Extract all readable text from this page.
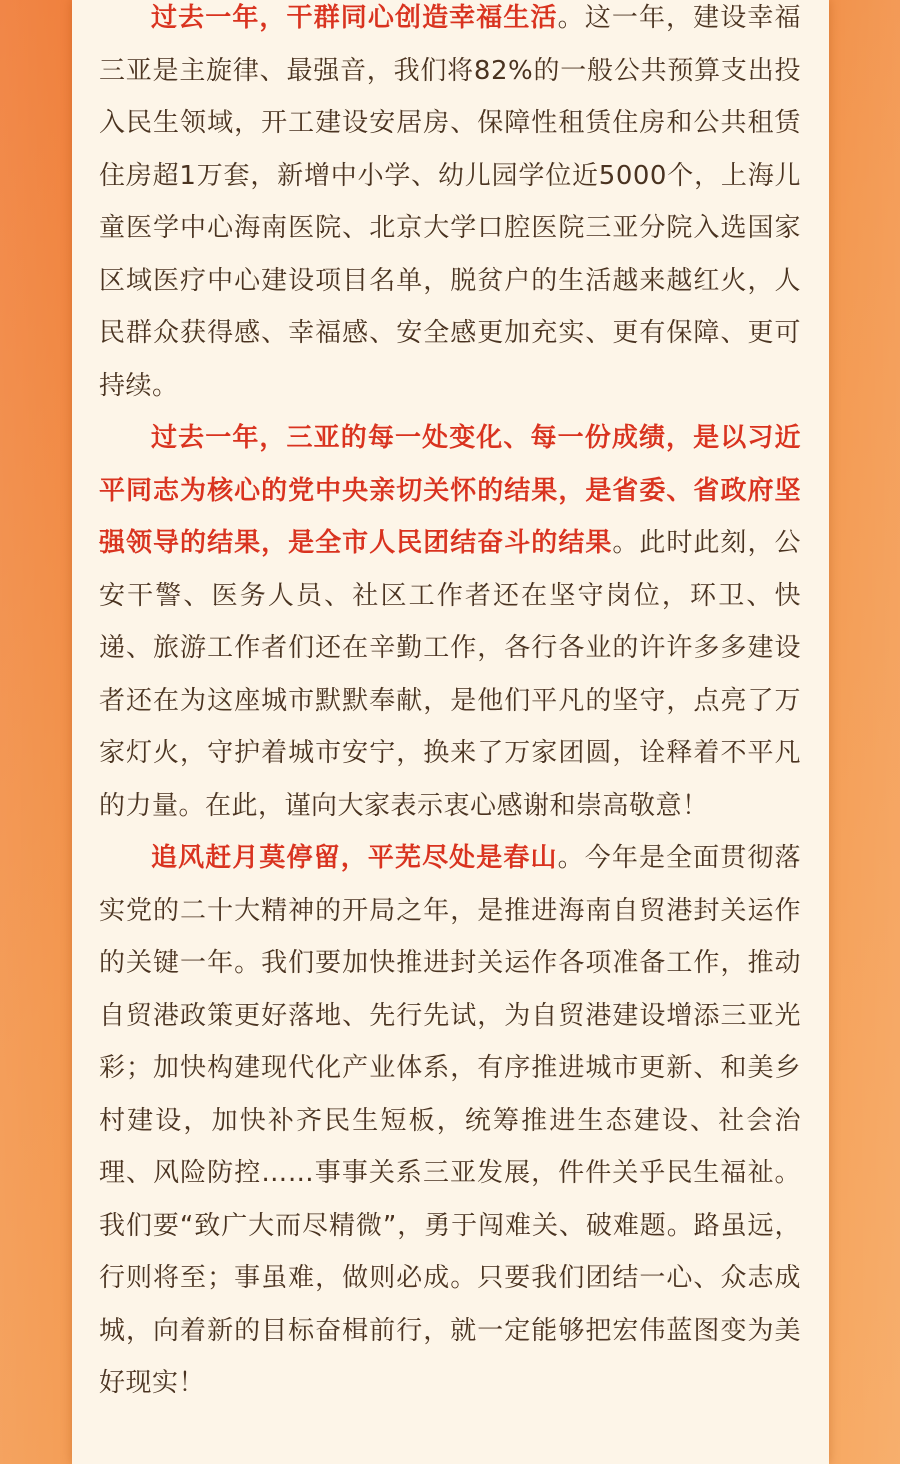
过去一年，干群同心创造幸福生活。这一年，建设幸福三亚是主旋律、最强音，我们将82%的一般公共预算支出投入民生领域，开工建设安居房、保障性租赁住房和公共租赁住房超1万套，新增中小学、幼儿园学位近5000个，上海儿童医学中心海南医院、北京大学口腔医院三亚分院入选国家区域医疗中心建设项目名单，脱贫户的生活越来越红火，人民群众获得感、幸福感、安全感更加充实、更有保障、更可持续。

过去一年，三亚的每一处变化、每一份成绩，是以习近平同志为核心的党中央亲切关怀的结果，是省委、省政府坚强领导的结果，是全市人民团结奋斗的结果。此时此刻，公安干警、医务人员、社区工作者还在坚守岗位，环卫、快递、旅游工作者们还在辛勤工作，各行各业的许许多多建设者还在为这座城市默默奉献，是他们平凡的坚守，点亮了万家灯火，守护着城市安宁，换来了万家团圆，诠释着不平凡的力量。在此，谨向大家表示衷心感谢和崇高敬意！

追风赶月莫停留，平芜尽处是春山。今年是全面贯彻落实党的二十大精神的开局之年，是推进海南自贸港封关运作的关键一年。我们要加快推进封关运作各项准备工作，推动自贸港政策更好落地、先行先试，为自贸港建设增添三亚光彩；加快构建现代化产业体系，有序推进城市更新、和美乡村建设，加快补齐民生短板，统筹推进生态建设、社会治理、风险防控……事事关系三亚发展，件件关乎民生福祉。我们要“致广大而尽精微”，勇于闯难关、破难题。路虽远，行则将至；事虽难，做则必成。只要我们团结一心、众志成城，向着新的目标奋楫前行，就一定能够把宏伟蓝图变为美好现实！
